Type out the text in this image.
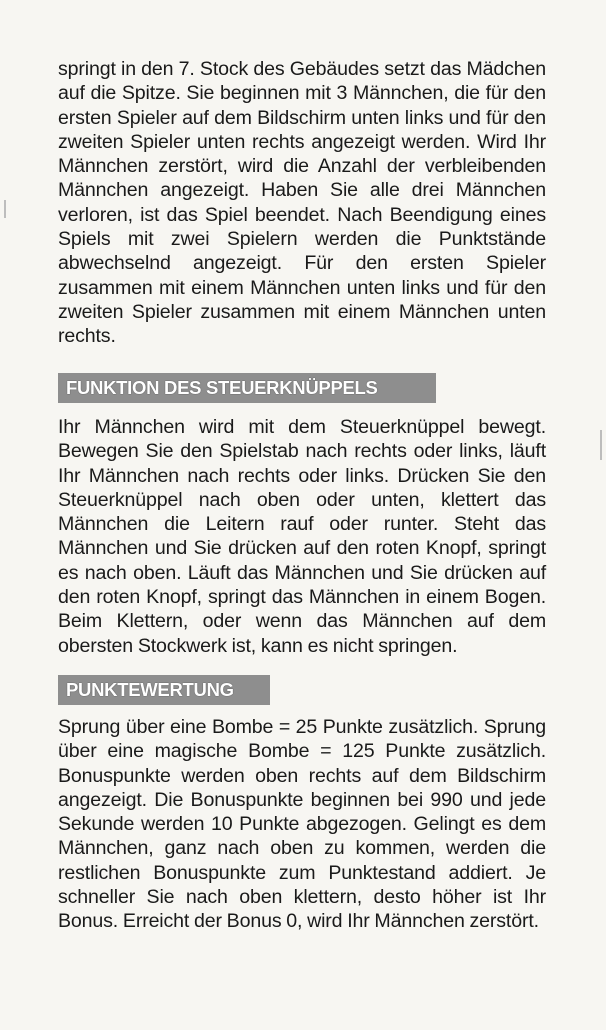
springt in den 7. Stock des Gebäudes setzt das Mädchen auf die Spitze. Sie beginnen mit 3 Männchen, die für den ersten Spieler auf dem Bildschirm unten links und für den zweiten Spieler unten rechts angezeigt werden. Wird Ihr Männchen zerstört, wird die Anzahl der verbleibenden Männchen angezeigt. Haben Sie alle drei Männchen verloren, ist das Spiel beendet. Nach Beendigung eines Spiels mit zwei Spielern werden die Punktstände abwechselnd angezeigt. Für den ersten Spieler zusammen mit einem Männchen unten links und für den zweiten Spieler zusammen mit einem Männchen unten rechts.

FUNKTION DES STEUERKNÜPPELS

Ihr Männchen wird mit dem Steuerknüppel bewegt. Bewegen Sie den Spielstab nach rechts oder links, läuft Ihr Männchen nach rechts oder links. Drücken Sie den Steuerknüppel nach oben oder unten, klettert das Männchen die Leitern rauf oder runter. Steht das Männchen und Sie drücken auf den roten Knopf, springt es nach oben. Läuft das Männchen und Sie drücken auf den roten Knopf, springt das Männchen in einem Bogen. Beim Klettern, oder wenn das Männchen auf dem obersten Stockwerk ist, kann es nicht springen.

PUNKTEWERTUNG

Sprung über eine Bombe = 25 Punkte zusätzlich. Sprung über eine magische Bombe = 125 Punkte zusätzlich. Bonuspunkte werden oben rechts auf dem Bildschirm angezeigt. Die Bonuspunkte beginnen bei 990 und jede Sekunde werden 10 Punkte abgezogen. Gelingt es dem Männchen, ganz nach oben zu kommen, werden die restlichen Bonuspunkte zum Punktestand addiert. Je schneller Sie nach oben klettern, desto höher ist Ihr Bonus. Erreicht der Bonus 0, wird Ihr Männchen zerstört.
